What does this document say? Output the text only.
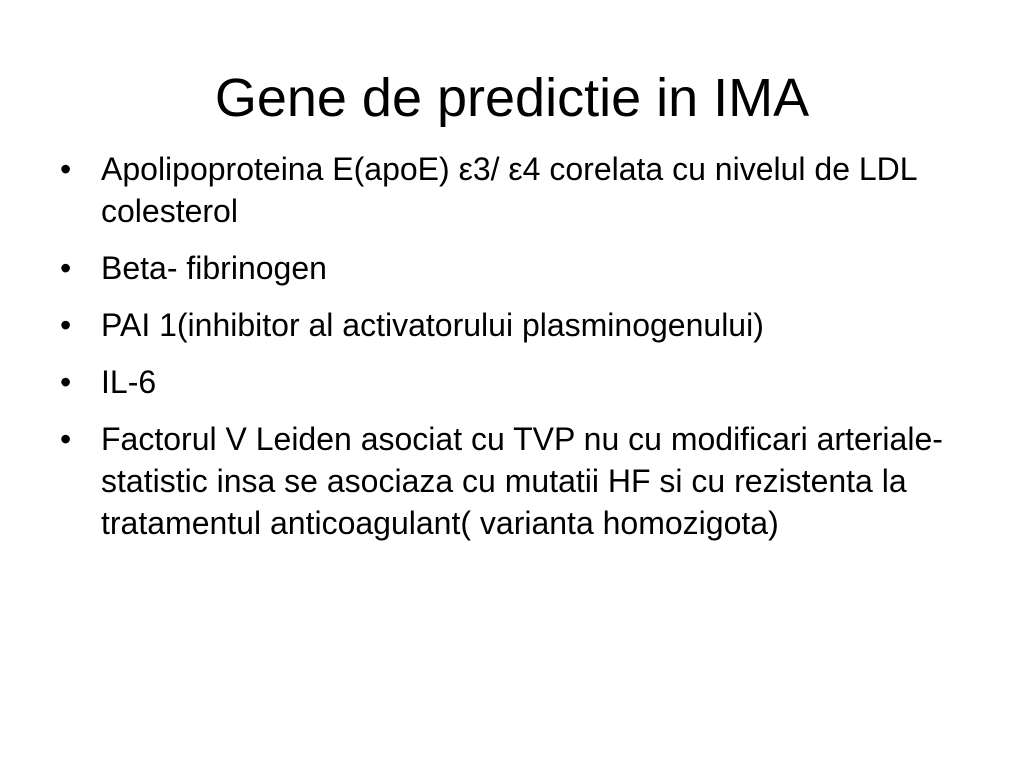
Gene de predictie in IMA
• Apolipoproteina E(apoE) ε3/ ε4 corelata cu nivelul de LDL colesterol
• Beta- fibrinogen
• PAI 1(inhibitor al activatorului plasminogenului)
• IL-6
• Factorul V Leiden asociat cu TVP nu cu modificari arteriale-statistic insa se asociaza cu mutatii HF si cu rezistenta la tratamentul anticoagulant( varianta homozigota)
